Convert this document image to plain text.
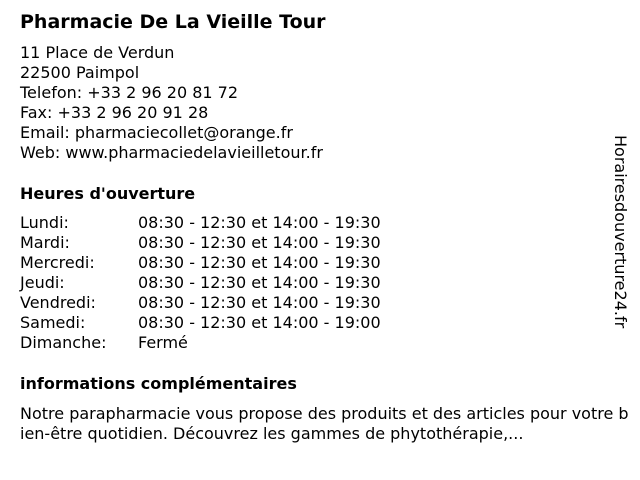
Pharmacie De La Vieille Tour
11 Place de Verdun
22500 Paimpol
Telefon: +33 2 96 20 81 72
Fax: +33 2 96 20 91 28
Email: pharmaciecollet@orange.fr
Web: www.pharmaciedelavieilletour.fr
Heures d'ouverture
Lundi:	08:30 - 12:30 et 14:00 - 19:30
Mardi:	08:30 - 12:30 et 14:00 - 19:30
Mercredi:	08:30 - 12:30 et 14:00 - 19:30
Jeudi:	08:30 - 12:30 et 14:00 - 19:30
Vendredi:	08:30 - 12:30 et 14:00 - 19:30
Samedi:	08:30 - 12:30 et 14:00 - 19:00
Dimanche:	Fermé
informations complémentaires
Notre parapharmacie vous propose des produits et des articles pour votre bien-être quotidien. Découvrez les gammes de phytothérapie,...
Horairesdouverture24.fr
